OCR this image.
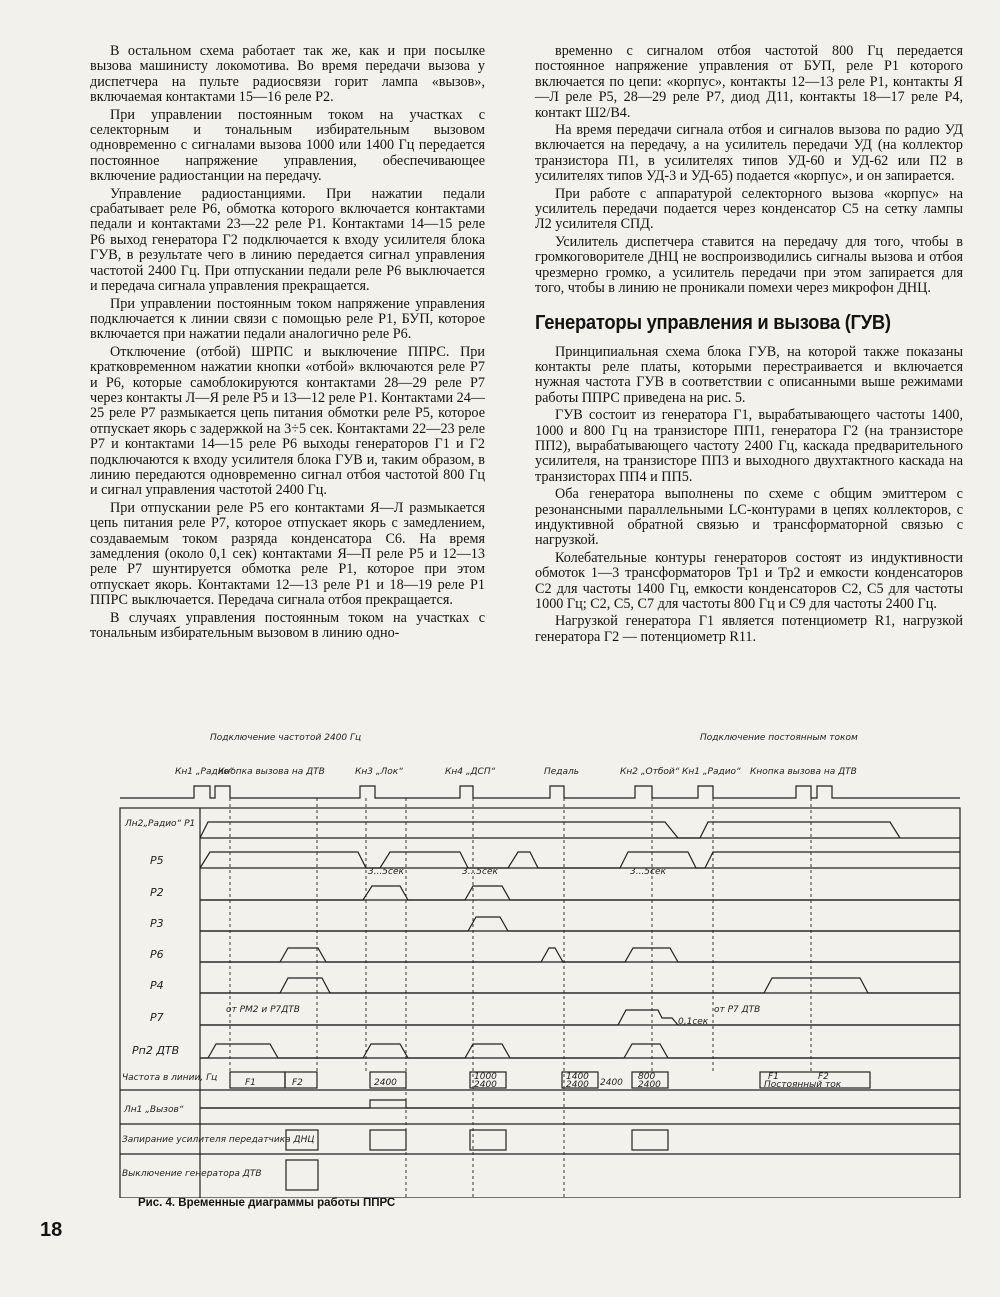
В остальном схема работает так же, как и при посылке вызова машинисту локомотива. Во время передачи вызова у диспетчера на пульте радиосвязи горит лампа «вызов», включаемая контактами 15—16 реле Р2.

При управлении постоянным током на участках с селекторным и тональным избирательным вызовом одновременно с сигналами вызова 1000 или 1400 Гц передается постоянное напряжение управления, обеспечивающее включение радиостанции на передачу.

Управление радиостанциями. При нажатии педали срабатывает реле Р6, обмотка которого включается контактами педали и контактами 23—22 реле Р1. Контактами 14—15 реле Р6 выход генератора Г2 подключается к входу усилителя блока ГУВ, в результате чего в линию передается сигнал управления частотой 2400 Гц. При отпускании педали реле Р6 выключается и передача сигнала управления прекращается.

При управлении постоянным током напряжение управления подключается к линии связи с помощью реле Р1, БУП, которое включается при нажатии педали аналогично реле Р6.

Отключение (отбой) ШРПС и выключение ППРС. При кратковременном нажатии кнопки «отбой» включаются реле Р7 и Р6, которые самоблокируются контактами 28—29 реле Р7 через контакты Л—Я реле Р5 и 13—12 реле Р1. Контактами 24—25 реле Р7 размыкается цепь питания обмотки реле Р5, которое отпускает якорь с задержкой на 3÷5 сек. Контактами 22—23 реле Р7 и контактами 14—15 реле Р6 выходы генераторов Г1 и Г2 подключаются к входу усилителя блока ГУВ и, таким образом, в линию передаются одновременно сигнал отбоя частотой 800 Гц и сигнал управления частотой 2400 Гц.

При отпускании реле Р5 его контактами Я—Л размыкается цепь питания реле Р7, которое отпускает якорь с замедлением, создаваемым током разряда конденсатора С6. На время замедления (около 0,1 сек) контактами Я—П реле Р5 и 12—13 реле Р7 шунтируется обмотка реле Р1, которое при этом отпускает якорь. Контактами 12—13 реле Р1 и 18—19 реле Р1 ППРС выключается. Передача сигнала отбоя прекращается.

В случаях управления постоянным током на участках с тональным избирательным вызовом в линию одно-

временно с сигналом отбоя частотой 800 Гц передается постоянное напряжение управления от БУП, реле Р1 которого включается по цепи: «корпус», контакты 12—13 реле Р1, контакты Я—Л реле Р5, 28—29 реле Р7, диод Д11, контакты 18—17 реле Р4, контакт Ш2/В4.

На время передачи сигнала отбоя и сигналов вызова по радио УД включается на передачу, а на усилитель передачи УД (на коллектор транзистора П1, в усилителях типов УД-60 и УД-62 или П2 в усилителях типов УД-3 и УД-65) подается «корпус», и он запирается.

При работе с аппаратурой селекторного вызова «корпус» на усилитель передачи подается через конденсатор С5 на сетку лампы Л2 усилителя СПД.

Усилитель диспетчера ставится на передачу для того, чтобы в громкоговорителе ДНЦ не воспроизводились сигналы вызова и отбоя чрезмерно громко, а усилитель передачи при этом запирается для того, чтобы в линию не проникали помехи через микрофон ДНЦ.

Генераторы управления и вызова (ГУВ)

Принципиальная схема блока ГУВ, на которой также показаны контакты реле платы, которыми перестраивается и включается нужная частота ГУВ в соответствии с описанными выше режимами работы ППРС приведена на рис. 5.

ГУВ состоит из генератора Г1, вырабатывающего частоты 1400, 1000 и 800 Гц на транзисторе ПП1, генератора Г2 (на транзисторе ПП2), вырабатывающего частоту 2400 Гц, каскада предварительного усилителя, на транзисторе ПП3 и выходного двухтактного каскада на транзисторах ПП4 и ПП5.

Оба генератора выполнены по схеме с общим эмиттером с резонансными параллельными LC-контурами в цепях коллекторов, с индуктивной обратной связью и трансформаторной связью с нагрузкой.

Колебательные контуры генераторов состоят из индуктивности обмоток 1—3 трансформаторов Тр1 и Тр2 и емкости конденсаторов С2 для частоты 1400 Гц, емкости конденсаторов С2, С5 для частоты 1000 Гц; С2, С5, С7 для частоты 800 Гц и С9 для частоты 2400 Гц.

Нагрузкой генератора Г1 является потенциометр R1, нагрузкой генератора Г2 — потенциометр R11.

Лн2„Радио“ Р1
Р5
Р2
Р3
Р6
Р4
Р7
Рп2 ДТВ
Частота в линии, Гц
Лн1 „Вызов“
Запирание усилителя передатчика ДНЦ
Выключение генератора ДТВ
Подключение частотой 2400 Гц	Подключение постоянным током
от РМ2 и Р7ДТВ	от Р7 ДТВ
3...5сек	3...5сек	3...5сек
0,1сек
Кн1 „Радио“
Кнопка вызова на ДТВ	Кн3 „Лок“	Кн4 „ДСП“	Педаль	Кн2 „Отбой“ Кн1 „Радио“ Кнопка вызова на ДТВ
F1	F2	2400
1000
2400
1400
2400 2400
800
2400
F1	F2
Постоянный ток
Рис. 4. Временные диаграммы работы ППРС
18
